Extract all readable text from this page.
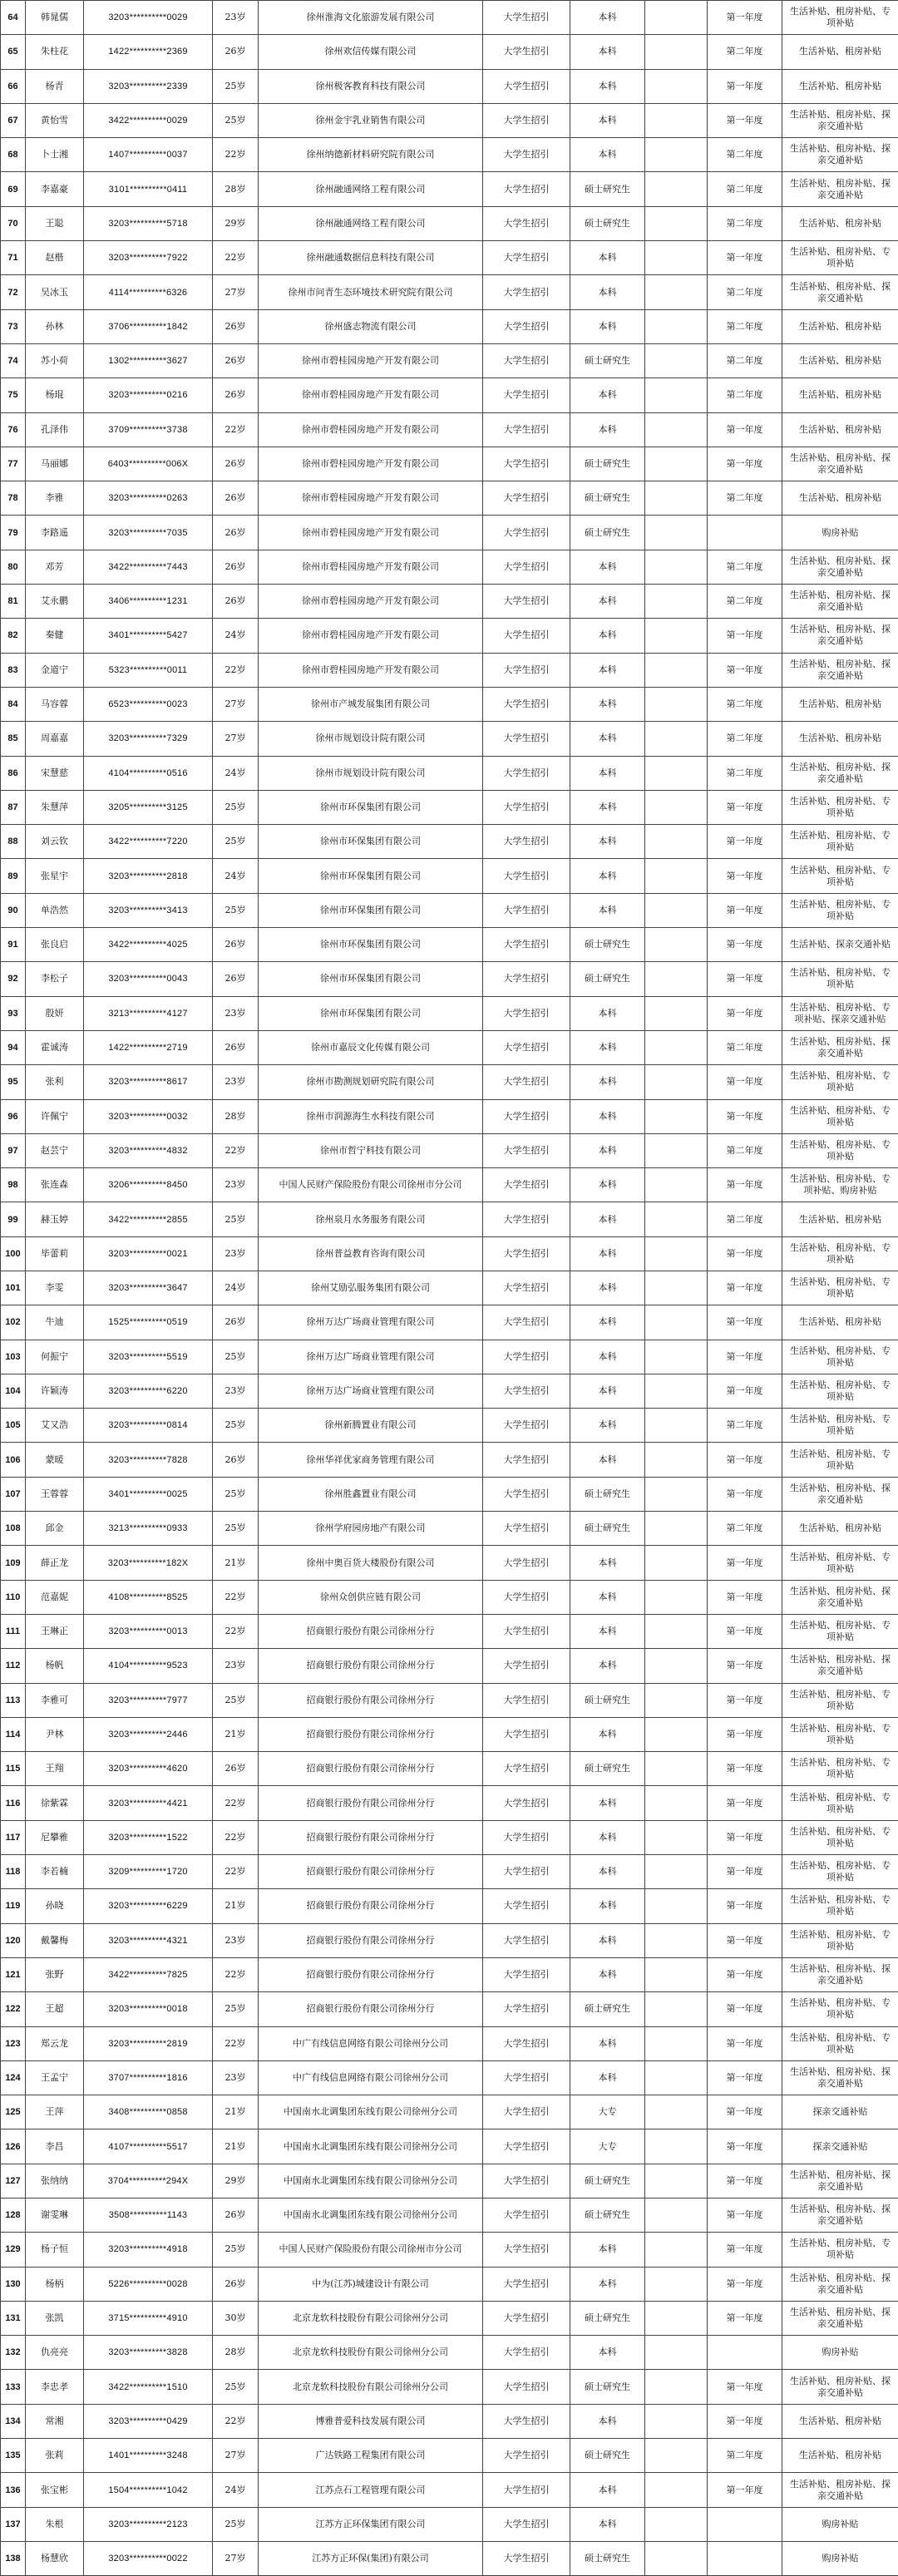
64	韩晁儒	3203**********0029	23岁	徐州淮海文化旅游发展有限公司	大学生招引	本科		第一年度	生活补贴、租房补贴、专项补贴
65	朱柱花	1422**********2369	26岁	徐州欢信传媒有限公司	大学生招引	本科		第二年度	生活补贴、租房补贴
66	杨青	3203**********2339	25岁	徐州极客教育科技有限公司	大学生招引	本科		第一年度	生活补贴、租房补贴
67	黄怡雪	3422**********0029	25岁	徐州金宇乳业销售有限公司	大学生招引	本科		第一年度	生活补贴、租房补贴、探亲交通补贴
68	卜士湘	1407**********0037	22岁	徐州纳德新材料研究院有限公司	大学生招引	本科		第二年度	生活补贴、租房补贴、探亲交通补贴
69	李嘉豪	3101**********0411	28岁	徐州融通网络工程有限公司	大学生招引	硕士研究生		第二年度	生活补贴、租房补贴、探亲交通补贴
70	王聪	3203**********5718	29岁	徐州融通网络工程有限公司	大学生招引	硕士研究生		第二年度	生活补贴、租房补贴
71	赵楷	3203**********7922	22岁	徐州融通数据信息科技有限公司	大学生招引	本科		第一年度	生活补贴、租房补贴、专项补贴
72	吴冰玉	4114**********6326	27岁	徐州市问青生态环境技术研究院有限公司	大学生招引	本科		第二年度	生活补贴、租房补贴、探亲交通补贴
73	孙林	3706**********1842	26岁	徐州盛志物流有限公司	大学生招引	本科		第二年度	生活补贴、租房补贴
74	苏小荷	1302**********3627	26岁	徐州市碧桂园房地产开发有限公司	大学生招引	硕士研究生		第二年度	生活补贴、租房补贴
75	杨琨	3203**********0216	26岁	徐州市碧桂园房地产开发有限公司	大学生招引	本科		第二年度	生活补贴、租房补贴
76	孔泽伟	3709**********3738	22岁	徐州市碧桂园房地产开发有限公司	大学生招引	本科		第一年度	生活补贴、租房补贴
77	马丽娜	6403**********006X	26岁	徐州市碧桂园房地产开发有限公司	大学生招引	硕士研究生		第一年度	生活补贴、租房补贴、探亲交通补贴
78	李雅	3203**********0263	26岁	徐州市碧桂园房地产开发有限公司	大学生招引	硕士研究生		第二年度	生活补贴、租房补贴
79	李路遥	3203**********7035	26岁	徐州市碧桂园房地产开发有限公司	大学生招引	硕士研究生			购房补贴
80	邓芳	3422**********7443	26岁	徐州市碧桂园房地产开发有限公司	大学生招引	本科		第二年度	生活补贴、租房补贴、探亲交通补贴
81	艾永鹏	3406**********1231	26岁	徐州市碧桂园房地产开发有限公司	大学生招引	本科		第二年度	生活补贴、租房补贴、探亲交通补贴
82	秦健	3401**********5427	24岁	徐州市碧桂园房地产开发有限公司	大学生招引	本科		第一年度	生活补贴、租房补贴、探亲交通补贴
83	金道宁	5323**********0011	22岁	徐州市碧桂园房地产开发有限公司	大学生招引	本科		第一年度	生活补贴、租房补贴、探亲交通补贴
84	马容蓉	6523**********0023	27岁	徐州市产城发展集团有限公司	大学生招引	本科		第二年度	生活补贴、租房补贴
85	周嘉嘉	3203**********7329	27岁	徐州市规划设计院有限公司	大学生招引	本科		第二年度	生活补贴、租房补贴
86	宋慧慈	4104**********0516	24岁	徐州市规划设计院有限公司	大学生招引	本科		第二年度	生活补贴、租房补贴、探亲交通补贴
87	朱慧萍	3205**********3125	25岁	徐州市环保集团有限公司	大学生招引	本科		第一年度	生活补贴、租房补贴、专项补贴
88	刘云钦	3422**********7220	25岁	徐州市环保集团有限公司	大学生招引	本科		第一年度	生活补贴、租房补贴、专项补贴
89	张星宇	3203**********2818	24岁	徐州市环保集团有限公司	大学生招引	本科		第一年度	生活补贴、租房补贴、专项补贴
90	单浩然	3203**********3413	25岁	徐州市环保集团有限公司	大学生招引	本科		第一年度	生活补贴、租房补贴、专项补贴
91	张良启	3422**********4025	26岁	徐州市环保集团有限公司	大学生招引	硕士研究生		第一年度	生活补贴、探亲交通补贴
92	李松子	3203**********0043	26岁	徐州市环保集团有限公司	大学生招引	硕士研究生		第一年度	生活补贴、租房补贴、专项补贴
93	殷妍	3213**********4127	23岁	徐州市环保集团有限公司	大学生招引	本科		第一年度	生活补贴、租房补贴、专项补贴、探亲交通补贴
94	霍诚涛	1422**********2719	26岁	徐州市嘉辰文化传媒有限公司	大学生招引	本科		第二年度	生活补贴、租房补贴、探亲交通补贴
95	张利	3203**********8617	23岁	徐州市勘测规划研究院有限公司	大学生招引	本科		第一年度	生活补贴、租房补贴、专项补贴
96	许佩宁	3203**********0032	28岁	徐州市润源海生水科技有限公司	大学生招引	本科		第一年度	生活补贴、租房补贴、专项补贴
97	赵芸宁	3203**********4832	22岁	徐州市哲宁科技有限公司	大学生招引	本科		第二年度	生活补贴、租房补贴、专项补贴
98	张连森	3206**********8450	23岁	中国人民财产保险股份有限公司徐州市分公司	大学生招引	本科		第一年度	生活补贴、租房补贴、专项补贴、购房补贴
99	赫玉婷	3422**********2855	25岁	徐州泉月水务服务有限公司	大学生招引	本科		第二年度	生活补贴、租房补贴
100	毕蕾莉	3203**********0021	23岁	徐州普益教育咨询有限公司	大学生招引	本科		第一年度	生活补贴、租房补贴、专项补贴
101	李雯	3203**********3647	24岁	徐州艾励弘服务集团有限公司	大学生招引	本科		第一年度	生活补贴、租房补贴、专项补贴
102	牛迪	1525**********0519	26岁	徐州万达广场商业管理有限公司	大学生招引	本科		第一年度	生活补贴、租房补贴
103	何振宁	3203**********5519	25岁	徐州万达广场商业管理有限公司	大学生招引	本科		第一年度	生活补贴、租房补贴、专项补贴
104	许颖涛	3203**********6220	23岁	徐州万达广场商业管理有限公司	大学生招引	本科		第一年度	生活补贴、租房补贴、专项补贴
105	艾又浩	3203**********0814	25岁	徐州新腾置业有限公司	大学生招引	本科		第二年度	生活补贴、租房补贴、专项补贴
106	蒙暖	3203**********7828	26岁	徐州华祥优家商务管理有限公司	大学生招引	本科		第一年度	生活补贴、租房补贴、专项补贴
107	王蓉蓉	3401**********0025	25岁	徐州胜鑫置业有限公司	大学生招引	硕士研究生		第一年度	生活补贴、租房补贴、探亲交通补贴
108	邱金	3213**********0933	25岁	徐州学府园房地产有限公司	大学生招引	硕士研究生		第二年度	生活补贴、租房补贴
109	薛正龙	3203**********182X	21岁	徐州中奥百货大楼股份有限公司	大学生招引	本科		第一年度	生活补贴、租房补贴、专项补贴
110	范嘉妮	4108**********8525	22岁	徐州众创供应链有限公司	大学生招引	本科		第一年度	生活补贴、租房补贴、探亲交通补贴
111	王琳正	3203**********0013	22岁	招商银行股份有限公司徐州分行	大学生招引	本科		第一年度	生活补贴、租房补贴、专项补贴
112	杨帆	4104**********9523	23岁	招商银行股份有限公司徐州分行	大学生招引	本科		第一年度	生活补贴、租房补贴、探亲交通补贴
113	李雅可	3203**********7977	25岁	招商银行股份有限公司徐州分行	大学生招引	硕士研究生		第一年度	生活补贴、租房补贴、专项补贴
114	尹林	3203**********2446	21岁	招商银行股份有限公司徐州分行	大学生招引	本科		第一年度	生活补贴、租房补贴、专项补贴
115	王翔	3203**********4620	26岁	招商银行股份有限公司徐州分行	大学生招引	硕士研究生		第一年度	生活补贴、租房补贴、专项补贴
116	徐紫霖	3203**********4421	22岁	招商银行股份有限公司徐州分行	大学生招引	本科		第一年度	生活补贴、租房补贴、专项补贴
117	尼攀雅	3203**********1522	22岁	招商银行股份有限公司徐州分行	大学生招引	本科		第一年度	生活补贴、租房补贴、专项补贴
118	李若楠	3209**********1720	22岁	招商银行股份有限公司徐州分行	大学生招引	本科		第一年度	生活补贴、租房补贴、专项补贴
119	孙晓	3203**********6229	21岁	招商银行股份有限公司徐州分行	大学生招引	本科		第一年度	生活补贴、租房补贴、专项补贴
120	戴馨梅	3203**********4321	23岁	招商银行股份有限公司徐州分行	大学生招引	本科		第一年度	生活补贴、租房补贴、专项补贴
121	张野	3422**********7825	22岁	招商银行股份有限公司徐州分行	大学生招引	本科		第一年度	生活补贴、租房补贴、探亲交通补贴
122	王超	3203**********0018	25岁	招商银行股份有限公司徐州分行	大学生招引	硕士研究生		第一年度	生活补贴、租房补贴、专项补贴
123	郑云龙	3203**********2819	22岁	中广有线信息网络有限公司徐州分公司	大学生招引	本科		第一年度	生活补贴、租房补贴、专项补贴
124	王孟宁	3707**********1816	23岁	中广有线信息网络有限公司徐州分公司	大学生招引	本科		第一年度	生活补贴、租房补贴、探亲交通补贴
125	王萍	3408**********0858	21岁	中国南水北调集团东线有限公司徐州分公司	大学生招引	大专		第一年度	探亲交通补贴
126	李昌	4107**********5517	21岁	中国南水北调集团东线有限公司徐州分公司	大学生招引	大专		第一年度	探亲交通补贴
127	张纳纳	3704**********294X	29岁	中国南水北调集团东线有限公司徐州分公司	大学生招引	硕士研究生		第一年度	生活补贴、租房补贴、探亲交通补贴
128	谢雯琳	3508**********1143	26岁	中国南水北调集团东线有限公司徐州分公司	大学生招引	硕士研究生		第一年度	生活补贴、租房补贴、探亲交通补贴
129	杨子恒	3203**********4918	25岁	中国人民财产保险股份有限公司徐州市分公司	大学生招引	本科		第一年度	生活补贴、租房补贴、专项补贴
130	杨柄	5226**********0028	26岁	中为(江苏)城建设计有限公司	大学生招引	本科		第一年度	生活补贴、租房补贴、探亲交通补贴
131	张凯	3715**********4910	30岁	北京龙软科技股份有限公司徐州分公司	大学生招引	硕士研究生		第一年度	生活补贴、租房补贴、探亲交通补贴
132	仇亮亮	3203**********3828	28岁	北京龙软科技股份有限公司徐州分公司	大学生招引	本科			购房补贴
133	李忠孝	3422**********1510	25岁	北京龙软科技股份有限公司徐州分公司	大学生招引	硕士研究生		第一年度	生活补贴、租房补贴、探亲交通补贴
134	常湘	3203**********0429	22岁	博雅普爱科技发展有限公司	大学生招引	本科		第一年度	生活补贴、租房补贴
135	张莉	1401**********3248	27岁	广达铁路工程集团有限公司	大学生招引	硕士研究生		第二年度	生活补贴、租房补贴
136	张宝彬	1504**********1042	24岁	江苏点石工程管理有限公司	大学生招引	本科		第一年度	生活补贴、租房补贴、探亲交通补贴
137	朱根	3203**********2123	25岁	江苏方正环保集团有限公司	大学生招引	本科			购房补贴
138	杨慧欣	3203**********0022	27岁	江苏方正环保(集团)有限公司	大学生招引	硕士研究生			购房补贴
